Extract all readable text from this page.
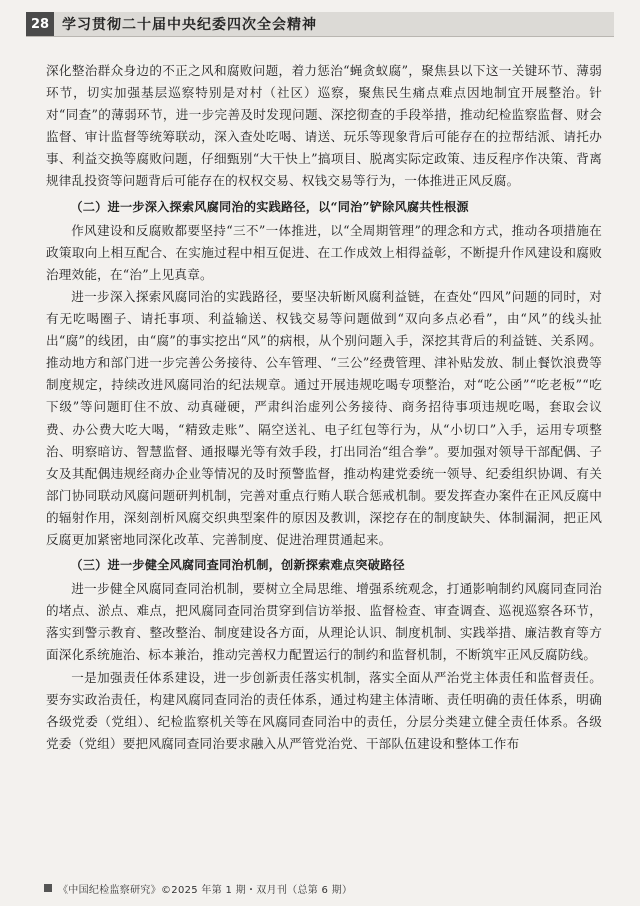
28 学习贯彻二十届中央纪委四次全会精神

深化整治群众身边的不正之风和腐败问题，着力惩治“蝇贪蚁腐”，聚焦县以下这一关键环节、薄弱环节，切实加强基层巡察特别是对村（社区）巡察，聚焦民生痛点难点因地制宜开展整治。针对“同查”的薄弱环节，进一步完善及时发现问题、深挖彻查的手段举措，推动纪检监察监督、财会监督、审计监督等统筹联动，深入查处吃喝、请送、玩乐等现象背后可能存在的拉帮结派、请托办事、利益交换等腐败问题，仔细甄别“大干快上”搞项目、脱离实际定政策、违反程序作决策、背离规律乱投资等问题背后可能存在的权权交易、权钱交易等行为，一体推进正风反腐。

（二）进一步深入探索风腐同治的实践路径，以“同治”铲除风腐共性根源

作风建设和反腐败都要坚持“三不”一体推进，以“全周期管理”的理念和方式，推动各项措施在政策取向上相互配合、在实施过程中相互促进、在工作成效上相得益彰，不断提升作风建设和腐败治理效能，在“治”上见真章。

进一步深入探索风腐同治的实践路径，要坚决斩断风腐利益链，在查处“四风”问题的同时，对有无吃喝圈子、请托事项、利益输送、权钱交易等问题做到“双向多点必看”，由“风”的线头扯出“腐”的线团，由“腐”的事实挖出“风”的病根，从个别问题入手，深挖其背后的利益链、关系网。推动地方和部门进一步完善公务接待、公车管理、“三公”经费管理、津补贴发放、制止餐饮浪费等制度规定，持续改进风腐同治的纪法规章。通过开展违规吃喝专项整治，对“吃公函”“吃老板”“吃下级”等问题盯住不放、动真碰硬，严肃纠治虚列公务接待、商务招待事项违规吃喝，套取会议费、办公费大吃大喝，“精致走账”、隔空送礼、电子红包等行为，从“小切口”入手，运用专项整治、明察暗访、智慧监督、通报曝光等有效手段，打出同治“组合拳”。要加强对领导干部配偶、子女及其配偶违规经商办企业等情况的及时预警监督，推动构建党委统一领导、纪委组织协调、有关部门协同联动风腐问题研判机制，完善对重点行贿人联合惩戒机制。要发挥查办案件在正风反腐中的辐射作用，深刻剖析风腐交织典型案件的原因及教训，深挖存在的制度缺失、体制漏洞，把正风反腐更加紧密地同深化改革、完善制度、促进治理贯通起来。

（三）进一步健全风腐同查同治机制，创新探索难点突破路径

进一步健全风腐同查同治机制，要树立全局思维、增强系统观念，打通影响制约风腐同查同治的堵点、淤点、难点，把风腐同查同治贯穿到信访举报、监督检查、审查调查、巡视巡察各环节，落实到警示教育、整改整治、制度建设各方面，从理论认识、制度机制、实践举措、廉洁教育等方面深化系统施治、标本兼治，推动完善权力配置运行的制约和监督机制，不断筑牢正风反腐防线。

一是加强责任体系建设，进一步创新责任落实机制，落实全面从严治党主体责任和监督责任。要夯实政治责任，构建风腐同查同治的责任体系，通过构建主体清晰、责任明确的责任体系，明确各级党委（党组）、纪检监察机关等在风腐同查同治中的责任，分层分类建立健全责任体系。各级党委（党组）要把风腐同查同治要求融入从严管党治党、干部队伍建设和整体工作布

《中国纪检监察研究》©2025 年第 1 期・双月刊（总第 6 期）
